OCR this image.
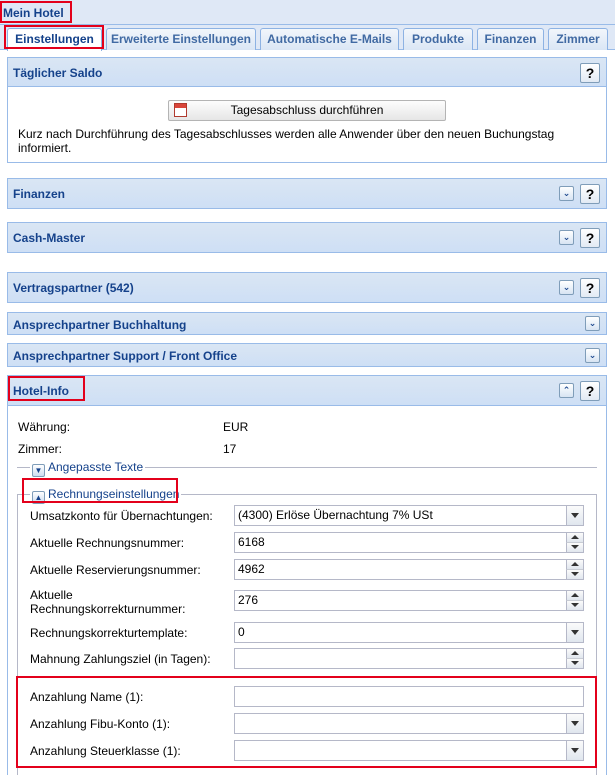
Mein Hotel
Einstellungen	Erweiterte Einstellungen	Automatische E-Mails	Produkte	Finanzen	Zimmer
Täglicher Saldo	?
Tagesabschluss durchführen
Kurz nach Durchführung des Tagesabschlusses werden alle Anwender über den neuen Buchungstag
informiert.
Finanzen	⌄	?
Cash-Master	⌄	?
Vertragspartner (542)	⌄	?
Ansprechpartner Buchhaltung	⌄
Ansprechpartner Support / Front Office	⌄
Hotel-Info	⌃	?
Währung:	EUR
Zimmer:	17
▼ Angepasste Texte
▲ Rechnungseinstellungen
Umsatzkonto für Übernachtungen:	(4300) Erlöse Übernachtung 7% USt
Aktuelle Rechnungsnummer:	6168
Aktuelle Reservierungsnummer:	4962
Aktuelle
Rechnungskorrekturnummer:
276
Rechnungskorrekturtemplate:	0
Mahnung Zahlungsziel (in Tagen):
Anzahlung Name (1):
Anzahlung Fibu-Konto (1):
Anzahlung Steuerklasse (1):
